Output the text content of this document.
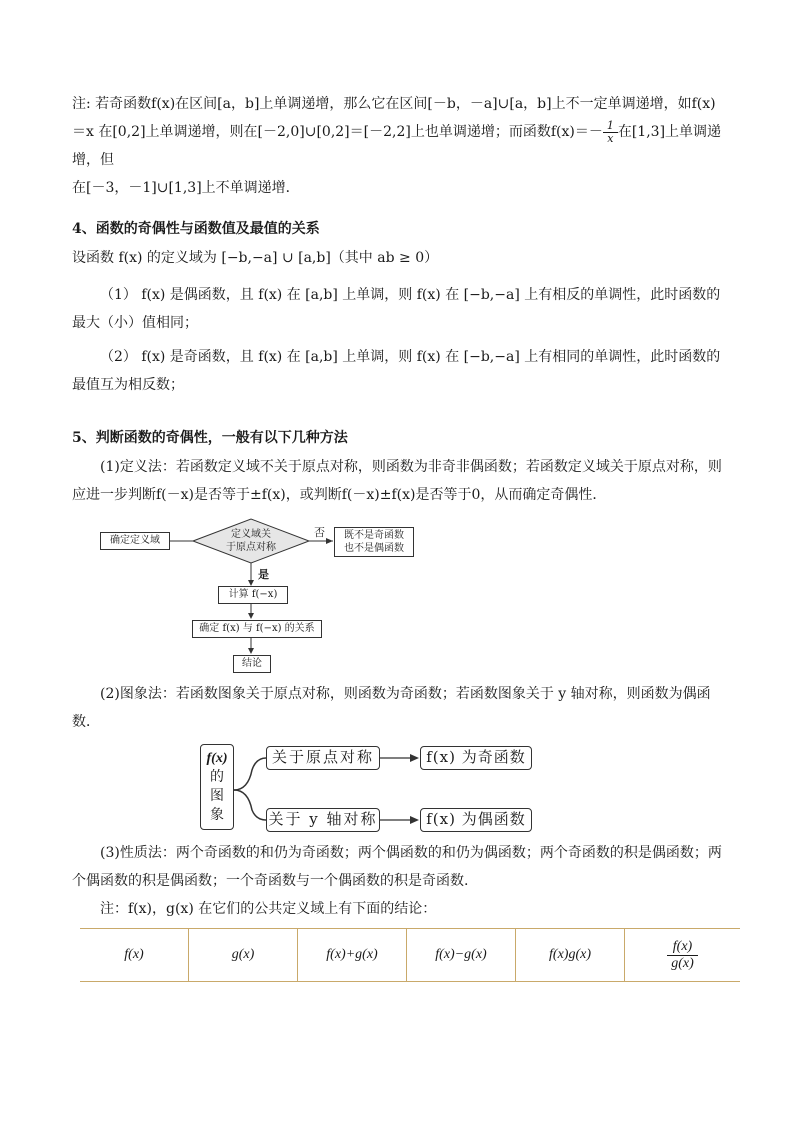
注: 若奇函数f(x)在区间[a，b]上单调递增，那么它在区间[－b，－a]∪[a，b]上不一定单调递增，如f(x)
＝x 在[0,2]上单调递增，则在[－2,0]∪[0,2]＝[－2,2]上也单调递增；而函数$f(x)=- \frac{1}{x}$ 在[1,3]上单调递增，但
在[－3，－1]∪[1,3]上不单调递增．

4、函数的奇偶性与函数值及最值的关系

设函数 f(x) 的定义域为 [−b,−a] ∪ [a,b]（其中 ab ≥ 0）

（1） f(x) 是偶函数，且 f(x) 在 [a,b] 上单调，则 f(x) 在 [−b,−a] 上有相反的单调性，此时函数的最大（小）值相同；

（2） f(x) 是奇函数，且 f(x) 在 [a,b] 上单调，则 f(x) 在 [−b,−a] 上有相同的单调性，此时函数的最值互为相反数；

5、判断函数的奇偶性，一般有以下几种方法

(1)定义法：若函数定义域不关于原点对称，则函数为非奇非偶函数；若函数定义域关于原点对称，则应进一步判断f(－x)是否等于±f(x)，或判断f(－x)±f(x)是否等于0，从而确定奇偶性．

确定定义域
定义域关
于原点对称
否	既不是奇函数
也不是偶函数
是
计算 f(−x)
确定 f(x) 与 f(−x) 的关系
结论

(2)图象法：若函数图象关于原点对称，则函数为奇函数；若函数图象关于 y 轴对称，则函数为偶函数．

f(x)
的
图
象
关于原点对称
关于 y 轴对称
f(x) 为奇函数
f(x) 为偶函数

(3)性质法：两个奇函数的和仍为奇函数；两个偶函数的和仍为偶函数；两个奇函数的积是偶函数；两个偶函数的积是偶函数；一个奇函数与一个偶函数的积是奇函数.

注：f(x)，g(x) 在它们的公共定义域上有下面的结论：

f(x)	g(x)	f(x)+g(x)	f(x)−g(x)	f(x)g(x)	$\frac{f(x)}{g(x)}$
